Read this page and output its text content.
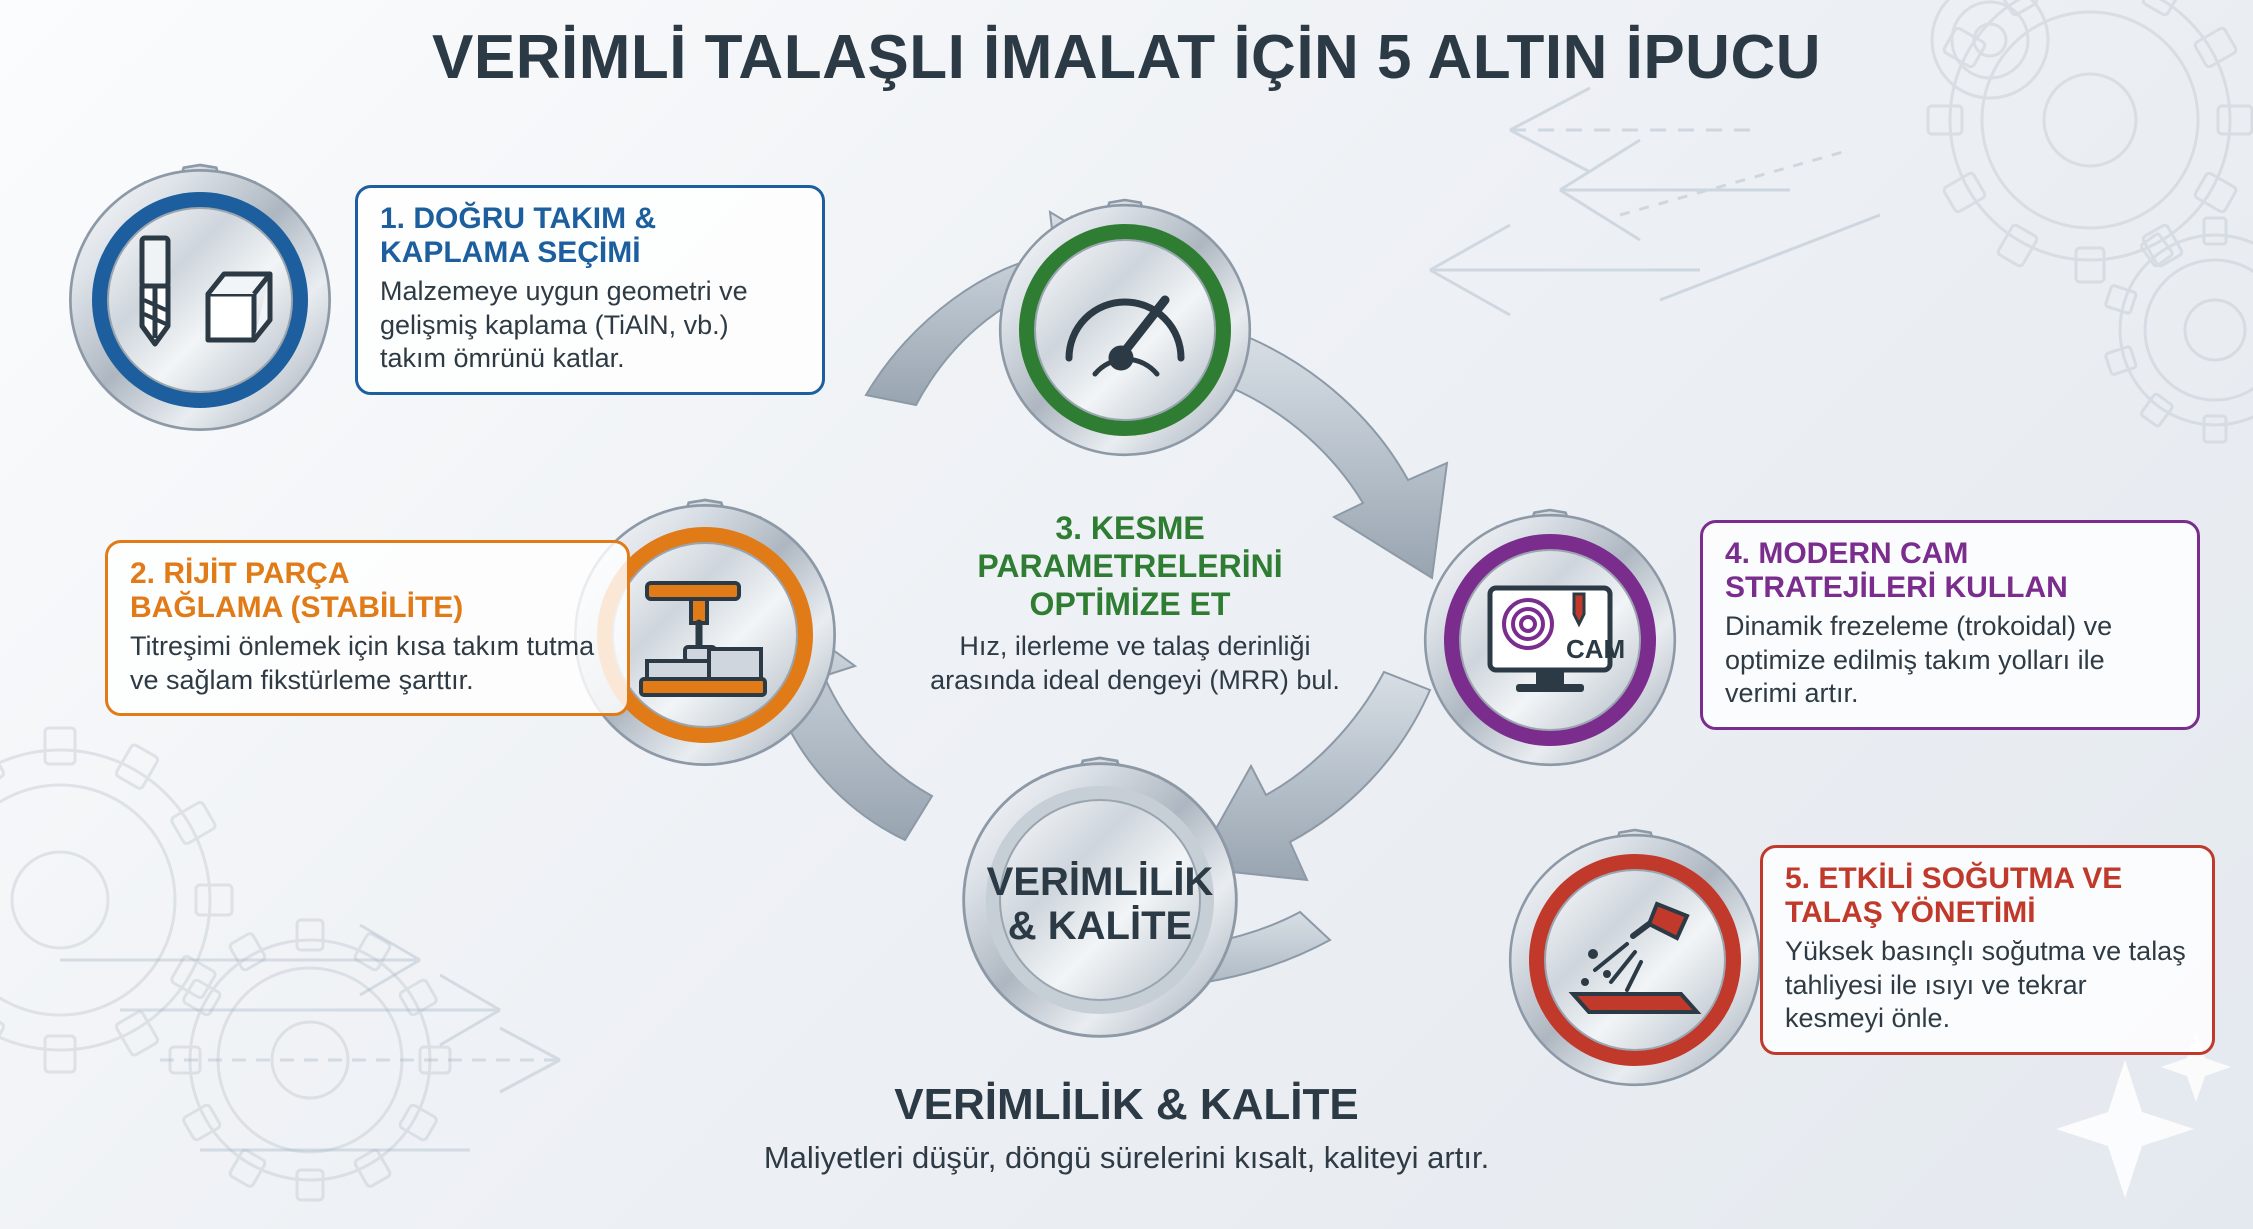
VERİMLİ TALAŞLI İMALAT İÇİN 5 ALTIN İPUCU
1. DOĞRU TAKIM &
KAPLAMA SEÇİMİ
Malzemeye uygun geometri ve gelişmiş kaplama (TiAlN, vb.) takım ömrünü katlar.
2. RİJİT PARÇA
BAĞLAMA (STABİLİTE)
Titreşimi önlemek için kısa takım tutma ve sağlam fikstürleme şarttır.
3. KESME
PARAMETRELERİNİ
OPTİMİZE ET
Hız, ilerleme ve talaş derinliği
arasında ideal dengeyi (MRR) bul.
CAM
4. MODERN CAM
STRATEJİLERİ KULLAN
Dinamik frezeleme (trokoidal) ve optimize edilmiş takım yolları ile verimi artır.
5. ETKİLİ SOĞUTMA VE
TALAŞ YÖNETİMİ
Yüksek basınçlı soğutma ve talaş tahliyesi ile ısıyı ve tekrar kesmeyi önle.
VERİMLİLİK
& KALİTE
VERİMLİLİK & KALİTE
Maliyetleri düşür, döngü sürelerini kısalt, kaliteyi artır.
